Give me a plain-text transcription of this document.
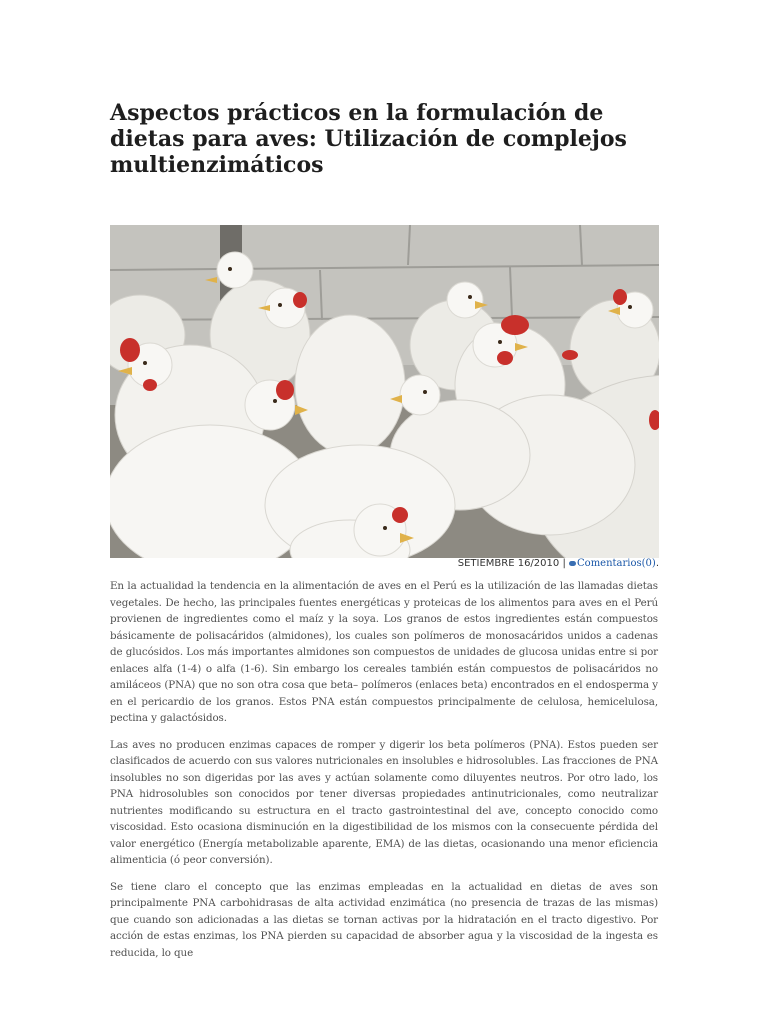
Aspectos prácticos en la formulación de dietas para aves: Utilización de complejos multienzimáticos
SETIEMBRE 16/2010 | Comentarios(0).

En la actualidad la tendencia en la alimentación de aves en el Perú es la utilización de las llamadas dietas vegetales. De hecho, las principales fuentes energéticas y proteicas de los alimentos para aves en el Perú provienen de ingredientes como el maíz y la soya. Los granos de estos ingredientes están compuestos básicamente de polisacáridos (almidones), los cuales son polímeros de monosacáridos unidos a cadenas de glucósidos. Los más importantes almidones son compuestos de unidades de glucosa unidas entre si por enlaces alfa (1-4) o alfa (1-6). Sin embargo los cereales también están compuestos de polisacáridos no amiláceos (PNA) que no son otra cosa que beta– polímeros (enlaces beta) encontrados en el endosperma y en el pericardio de los granos. Estos PNA están compuestos principalmente de celulosa, hemicelulosa, pectina y galactósidos.

Las aves no producen enzimas capaces de romper y digerir los beta polímeros (PNA). Estos pueden ser clasificados de acuerdo con sus valores nutricionales en insolubles e hidrosolubles. Las fracciones de PNA insolubles no son digeridas por las aves y actúan solamente como diluyentes neutros. Por otro lado, los PNA hidrosolubles son conocidos por tener diversas propiedades antinutricionales, como neutralizar nutrientes modificando su estructura en el tracto gastrointestinal del ave, concepto conocido como viscosidad. Esto ocasiona disminución en la digestibilidad de los mismos con la consecuente pérdida del valor energético (Energía metabolizable aparente, EMA) de las dietas, ocasionando una menor eficiencia alimenticia (ó peor conversión).

Se tiene claro el concepto que las enzimas empleadas en la actualidad en dietas de aves son principalmente PNA carbohidrasas de alta actividad enzimática (no presencia de trazas de las mismas) que cuando son adicionadas a las dietas se tornan activas por la hidratación en el tracto digestivo. Por acción de estas enzimas, los PNA pierden su capacidad de absorber agua y la viscosidad de la ingesta es reducida, lo que
